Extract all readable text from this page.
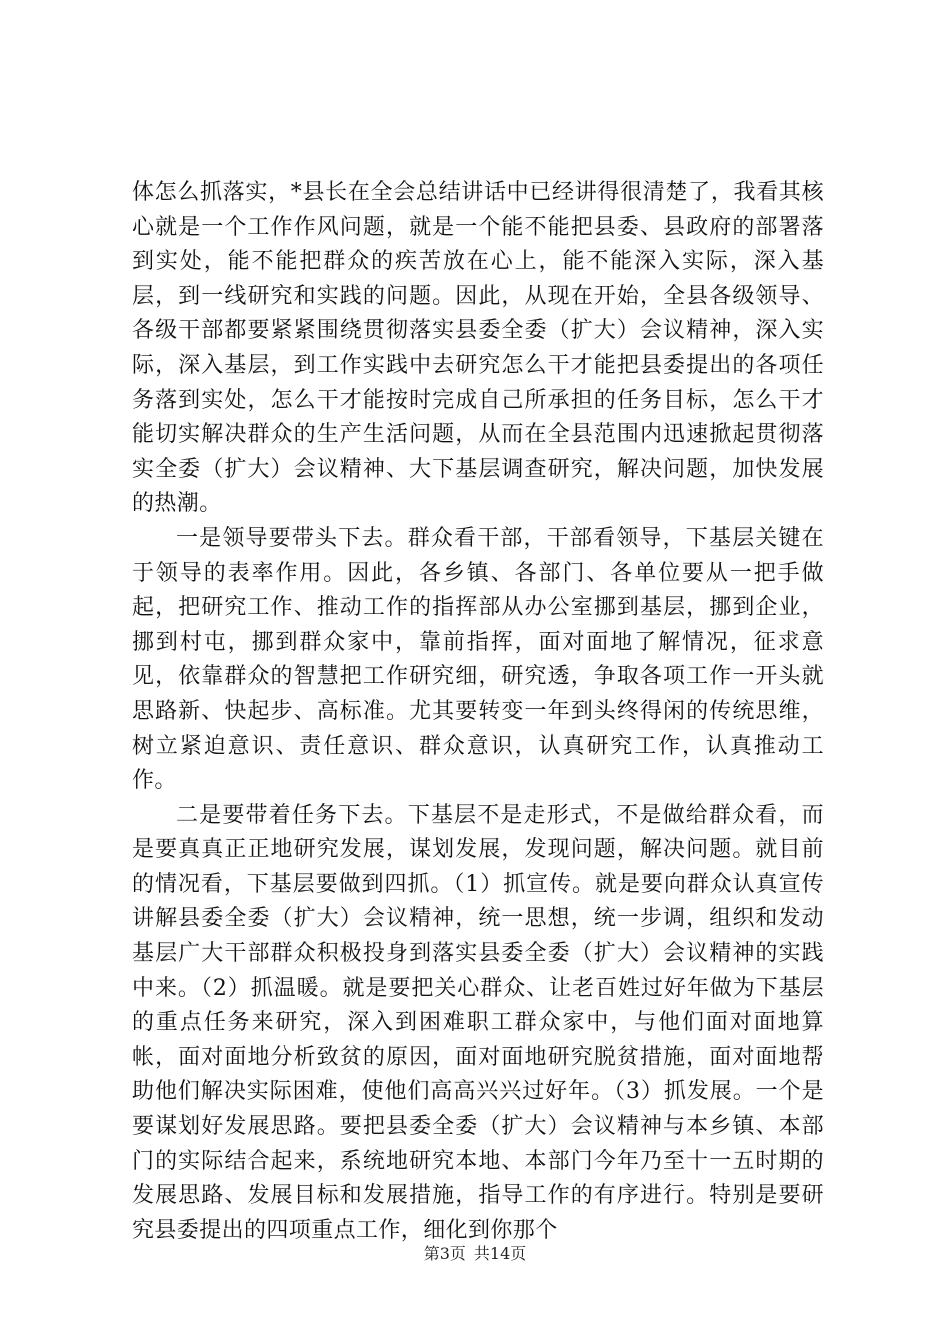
体怎么抓落实，*县长在全会总结讲话中已经讲得很清楚了，我看其核心就是一个工作作风问题，就是一个能不能把县委、县政府的部署落到实处，能不能把群众的疾苦放在心上，能不能深入实际，深入基层，到一线研究和实践的问题。因此，从现在开始，全县各级领导、各级干部都要紧紧围绕贯彻落实县委全委（扩大）会议精神，深入实际，深入基层，到工作实践中去研究怎么干才能把县委提出的各项任务落到实处，怎么干才能按时完成自己所承担的任务目标，怎么干才能切实解决群众的生产生活问题，从而在全县范围内迅速掀起贯彻落实全委（扩大）会议精神、大下基层调查研究，解决问题，加快发展的热潮。

一是领导要带头下去。群众看干部，干部看领导，下基层关键在于领导的表率作用。因此，各乡镇、各部门、各单位要从一把手做起，把研究工作、推动工作的指挥部从办公室挪到基层，挪到企业，挪到村屯，挪到群众家中，靠前指挥，面对面地了解情况，征求意见，依靠群众的智慧把工作研究细，研究透，争取各项工作一开头就思路新、快起步、高标准。尤其要转变一年到头终得闲的传统思维，树立紧迫意识、责任意识、群众意识，认真研究工作，认真推动工作。

二是要带着任务下去。下基层不是走形式，不是做给群众看，而是要真真正正地研究发展，谋划发展，发现问题，解决问题。就目前的情况看，下基层要做到四抓。（1）抓宣传。就是要向群众认真宣传讲解县委全委（扩大）会议精神，统一思想，统一步调，组织和发动基层广大干部群众积极投身到落实县委全委（扩大）会议精神的实践中来。（2）抓温暖。就是要把关心群众、让老百姓过好年做为下基层的重点任务来研究，深入到困难职工群众家中，与他们面对面地算帐，面对面地分析致贫的原因，面对面地研究脱贫措施，面对面地帮助他们解决实际困难，使他们高高兴兴过好年。（3）抓发展。一个是要谋划好发展思路。要把县委全委（扩大）会议精神与本乡镇、本部门的实际结合起来，系统地研究本地、本部门今年乃至十一五时期的发展思路、发展目标和发展措施，指导工作的有序进行。特别是要研究县委提出的四项重点工作，细化到你那个

第3页 共14页
